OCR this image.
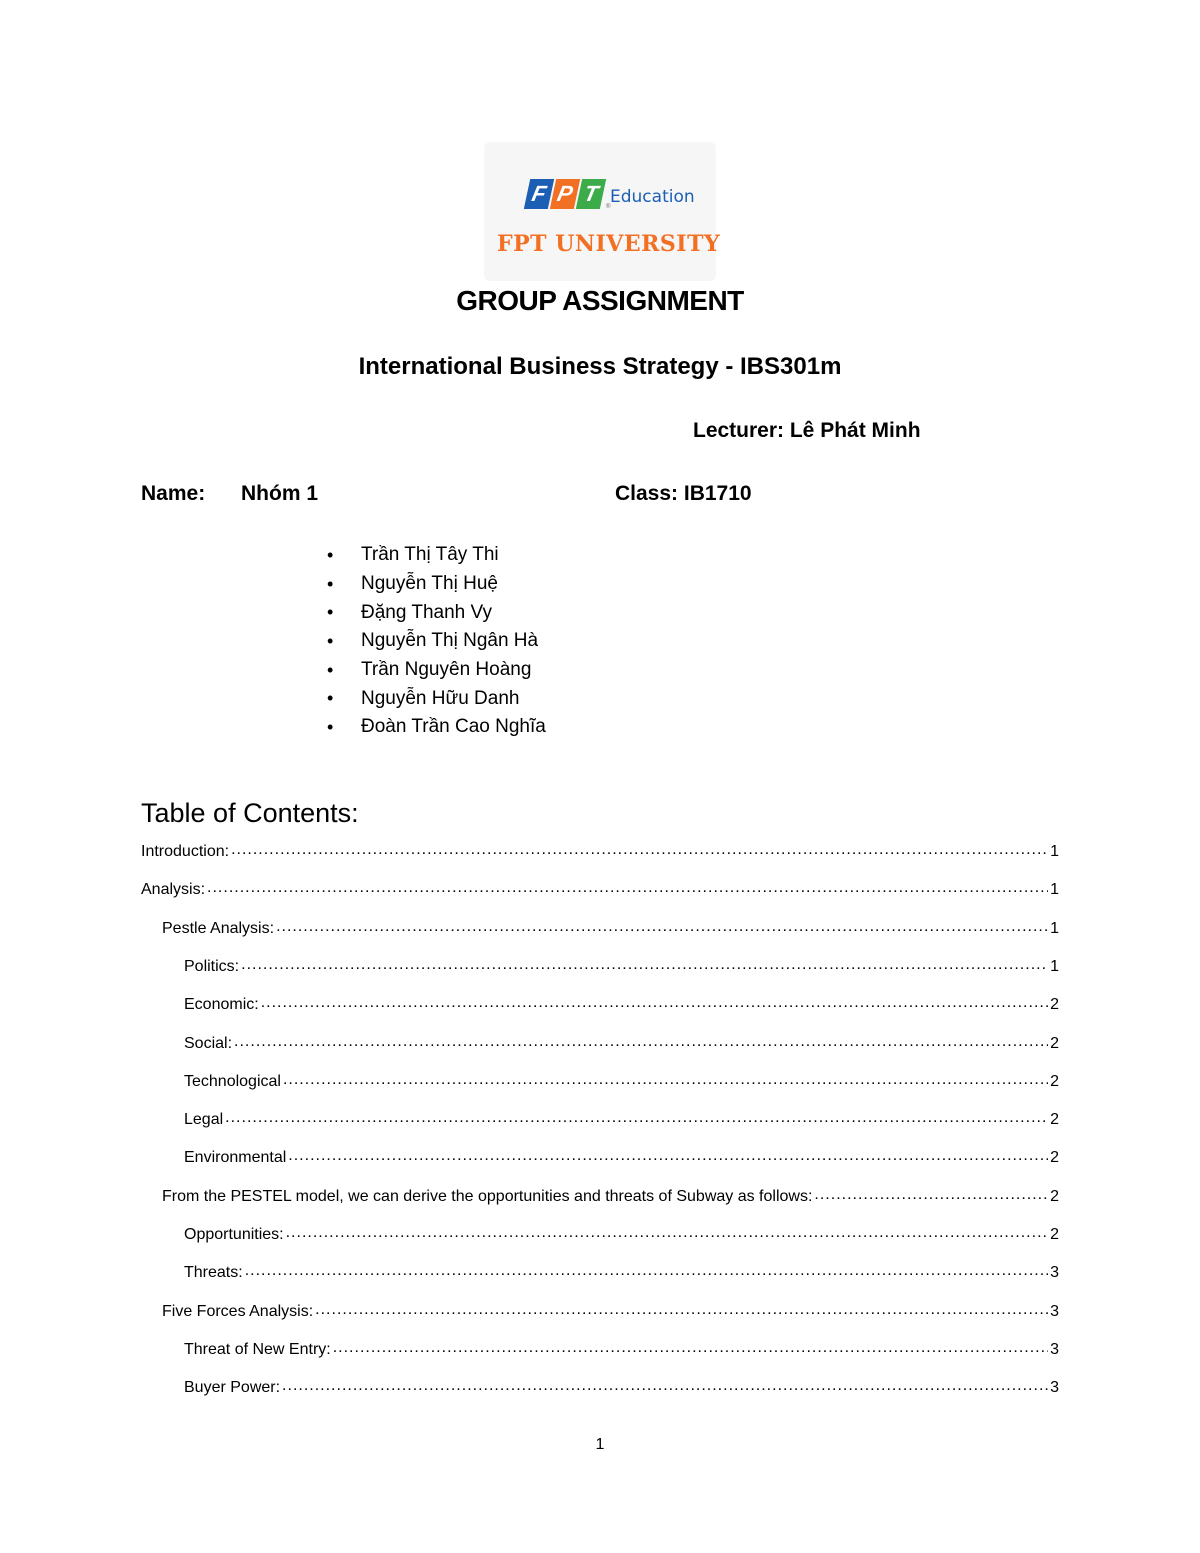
F P T
® Education
FPT UNIVERSITY
GROUP ASSIGNMENT
International Business Strategy - IBS301m
Lecturer: Lê Phát Minh
Name: Nhóm 1	Class: IB1710
•	Trần Thị Tây Thi
•	Nguyễn Thị Huệ
•	Đặng Thanh Vy
•	Nguyễn Thị Ngân Hà
•	Trần Nguyên Hoàng
•	Nguyễn Hữu Danh
•	Đoàn Trần Cao Nghĩa
Table of Contents:
Introduction: .....	1
Analysis: .....	1
Pestle Analysis: .....	1
Politics: .....	1
Economic: .....	2
Social: .....	2
Technological .....	2
Legal .....	2
Environmental .....	2
From the PESTEL model, we can derive the opportunities and threats of Subway as follows: .....	2
Opportunities: .....	2
Threats: .....	3
Five Forces Analysis: .....	3
Threat of New Entry: .....	3
Buyer Power: .....	3
1
